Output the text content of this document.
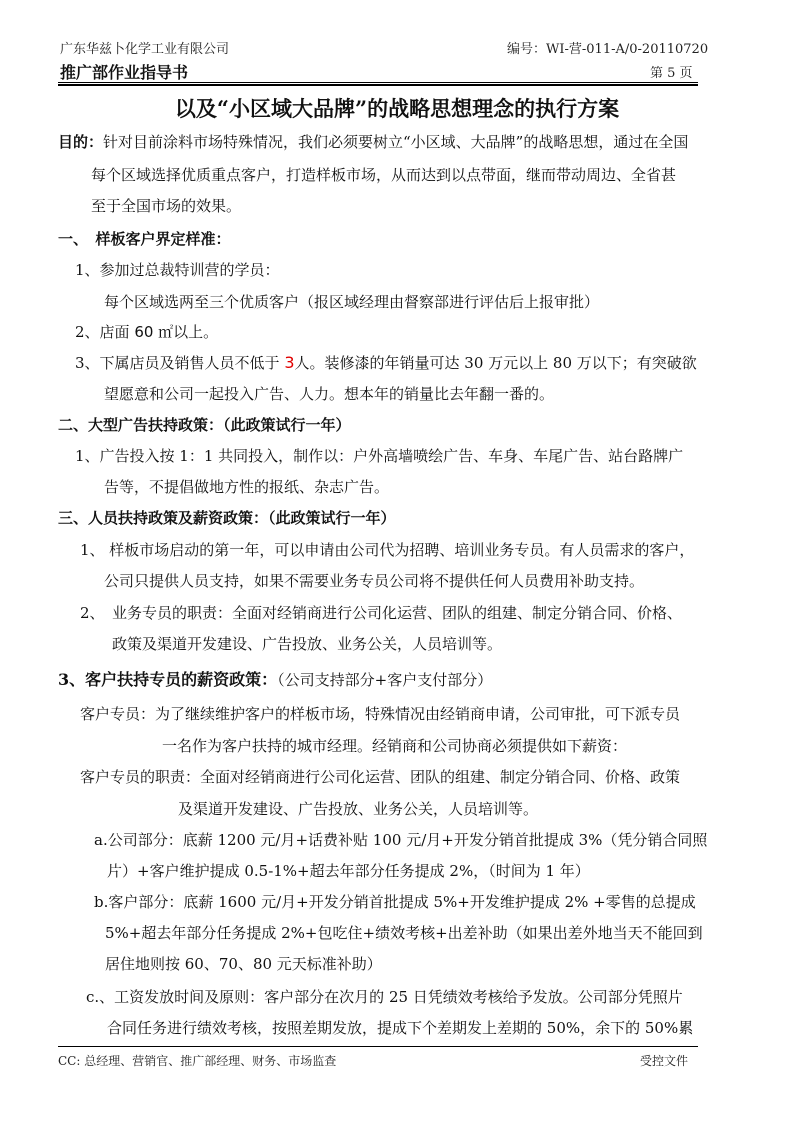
广东华兹卜化学工业有限公司	编号：WI-营-011-A/0-20110720
推广部作业指导书	第 5 页
以及“小区域大品牌”的战略思想理念的执行方案
目的：针对目前涂料市场特殊情况，我们必须要树立“小区域、大品牌”的战略思想，通过在全国
每个区域选择优质重点客户，打造样板市场，从而达到以点带面，继而带动周边、全省甚
至于全国市场的效果。
一、　样板客户界定样准：
1、参加过总裁特训营的学员：
每个区域选两至三个优质客户（报区域经理由督察部进行评估后上报审批）
2、店面 60 ㎡以上。
3、下属店员及销售人员不低于 3人。装修漆的年销量可达 30 万元以上 80 万以下；有突破欲
望愿意和公司一起投入广告、人力。想本年的销量比去年翻一番的。
二、大型广告扶持政策：（此政策试行一年）
1、广告投入按 1：1 共同投入，制作以：户外高墙喷绘广告、车身、车尾广告、站台路牌广
告等，不提倡做地方性的报纸、杂志广告。
三、人员扶持政策及薪资政策：（此政策试行一年）
1、 样板市场启动的第一年，可以申请由公司代为招聘、培训业务专员。有人员需求的客户，
公司只提供人员支持，如果不需要业务专员公司将不提供任何人员费用补助支持。
2、　业务专员的职责：全面对经销商进行公司化运营、团队的组建、制定分销合同、价格、
政策及渠道开发建设、广告投放、业务公关，人员培训等。
3、客户扶持专员的薪资政策：（公司支持部分+客户支付部分）
客户专员：为了继续维护客户的样板市场，特殊情况由经销商申请，公司审批，可下派专员
一名作为客户扶持的城市经理。经销商和公司协商必须提供如下薪资：
客户专员的职责：全面对经销商进行公司化运营、团队的组建、制定分销合同、价格、政策
及渠道开发建设、广告投放、业务公关，人员培训等。
a.公司部分：底薪 1200 元/月+话费补贴 100 元/月+开发分销首批提成 3%（凭分销合同照
片）+客户维护提成 0.5-1%+超去年部分任务提成 2%，（时间为 1 年）
b.客户部分：底薪 1600 元/月+开发分销首批提成 5%+开发维护提成 2% +零售的总提成
5%+超去年部分任务提成 2%+包吃住+绩效考核+出差补助（如果出差外地当天不能回到
居住地则按 60、70、80 元天标准补助）
c.、工资发放时间及原则：客户部分在次月的 25 日凭绩效考核给予发放。公司部分凭照片
合同任务进行绩效考核，按照差期发放，提成下个差期发上差期的 50%，余下的 50%累
CC: 总经理、营销官、推广部经理、财务、市场监查	受控文件
